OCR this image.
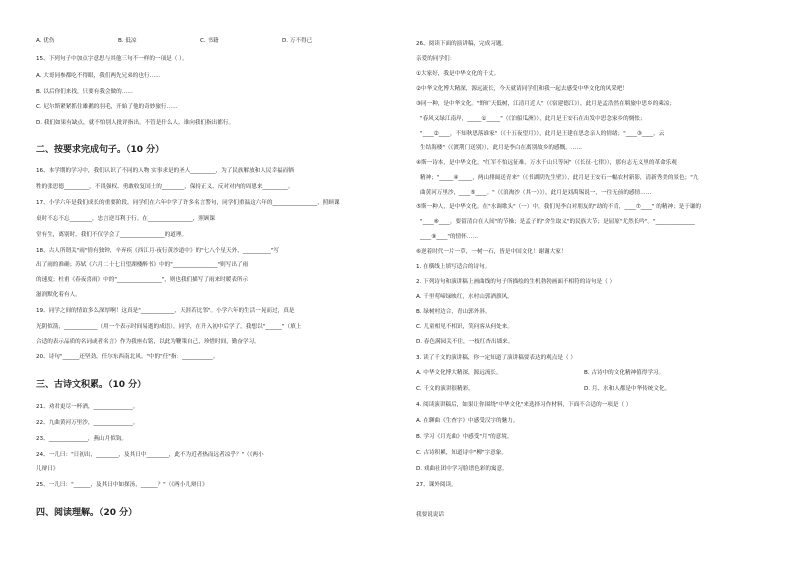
A. 优伤	B. 低凉	C. 书籍	D. 万不得已
15、下列句子中加点字意思与其他三句不一样的一项是（ ）。
A. 大哥同参都吃不得眼，我们两先兄弟的也行……
B. 以后你们来找，只要有我会做的……
C. 尼尔斯紧紧抓住雄鹅的羽毛，开始了他的奇妙旅行……
D. 我们如果有缺点，就不怕别人批评指出。不管是什么人，谁向我们指出都行。
二、按要求完成句子。（10 分）
16、本学期的学习中，我们认识了不同的人物 实事求是的圣人_________，为了民族解放和人民幸福而牺
牲的张思德_________，不畏强权、勇敢收复国土的________，保持正义、反对对内的周恩来_________。
17、小学六年是我们成长的重要阶段，同学们在六年中学了许多名言警句，同学们重温这六年的________________，照顾课
桌时不忘不忘________，忠言逆耳利于行。在________________，照顾课
堂有生，离别时，我们不仅学会了________________的道理。
18、古人所谓关"雨"情有独钟，辛弃疾《西江月·夜行黄沙道中》的"七八个星天外，__________"写
出了雨的准确；苏轼《六月二十七日望湖楼醉书》中的"________________"则写出了雨
的速度；杜甫《春夜喜雨》中的"________________"，则也我们描写了雨来时暖表所示
滋润默化着有人。
19、同学之间的情谊多么深厚啊！这真是"____________，天涯若比邻"。小学六年的生活一晃而过，真是
光阴似箭，____________（用一个表示时间易逝的成语）。同学，在升入初中后学了，我想以"______"（填上
合适的表示品质的名词或者名言）作为我座右铭，以此为鞭策自己，珍惜时间，勤奋学习。
20、诗句"______还坚劲，任尔东西南北风。"中的"任"指：___________。
三、古诗文积累。（10 分）
21、劝君更尽一杯酒，______________。
22、九曲黄河万里沙，______________。
23、______________，燕山月似钩。
24、一儿曰："日初出，________，及其日中________，此不为近者热而远者凉乎？"（《两小
儿辩日》
25、一儿曰："______，及其日中如探汤，______？"（《两小儿辩日》
四、阅读理解。（20 分）
26、阅读下面的演讲稿，完成习题。
亲爱的同学们：
①大家好，我是中华文化的千丈。
②中华文化博大精深，源远流长，今天就请同学们和我一起去感受中华文化的风采吧！
③同一种，是中华文化。"野旷天低树，江清月近人"（《宿建德江》），此月是孟浩然在羁旅中思乡的乘凉；
"春风又绿江南岸，_____①_____"（《泊船瓜洲》），此月是王安石在出发中思念家乡的惆怅；
"____②____，不知秋思落谁家"（《十五夜望月》），此月是王建在思念亲人的情绪；"____③____，云
生结海楼"（《渡荆门送别》），此月是李白在离别故乡的感慨。……
④斯一诗本，是中华文化。"红军不怕远征难，万水千山只等闲"（《长征·七律》），那有志无义里的革命乐观
精神；"_____④_____，两山排闼送青来"（《书湖阴先生壁》），此月是王安石一幅农村新影，清新秀美的景色；"九
曲黄河万里沙，____⑤____。"（《浪淘沙（其一）》），此月是刘禹锡说一，一往无前的感情……
⑤斯一种人，是中华文化。在"水调歌头"（一）中，我们见李白对朋友的"劫的不肯，____⑦____" 的精神；是于谦的
"____⑧____，要留清白在人间"的节操；是孟子的"舍生取义"的民族大节；是屈原"尤然长吟"。"______________
____⑨____"的情怀……
⑥逆着时代一片一草，一树一石，皆是中国文化！谢谢大家！
1. 在横线上填写适合的诗句。
2. 下列诗句和演讲稿上画曲线的句子所描绘的生机勃勃画面不相符的诗句是（ ）
A. 千里莺啼绿映红，水村山郭酒旗风。
B. 绿树村边合，青山郭外斜。
C. 儿童相见不相识，笑问客从何处来。
D. 春色满园关不住，一枝红杏出墙来。
3. 读了千文的演讲稿，你一定知道了演讲稿要表达的观点是（ ）
A. 中华文化博大精深，源远流长。	B. 古诗中的文化精神值得学习。
C. 千文的演讲很精彩。	D. 月、水和人都是中华传统文化。
4. 阅读演讲稿后，如果让你围绕"中华文化"来选择习作材料，下面不合适的一项是（ ）
A. 在聊曲《生查字》中感受汉字的魅力。
B. 学习《月光曲》中感受"月"的意境。
C. 古诗积累，知道诗中"柳"字意象。
D. 戏曲社团中学习脸谱色彩的寓意。
27、课外阅读。
我要说说话
